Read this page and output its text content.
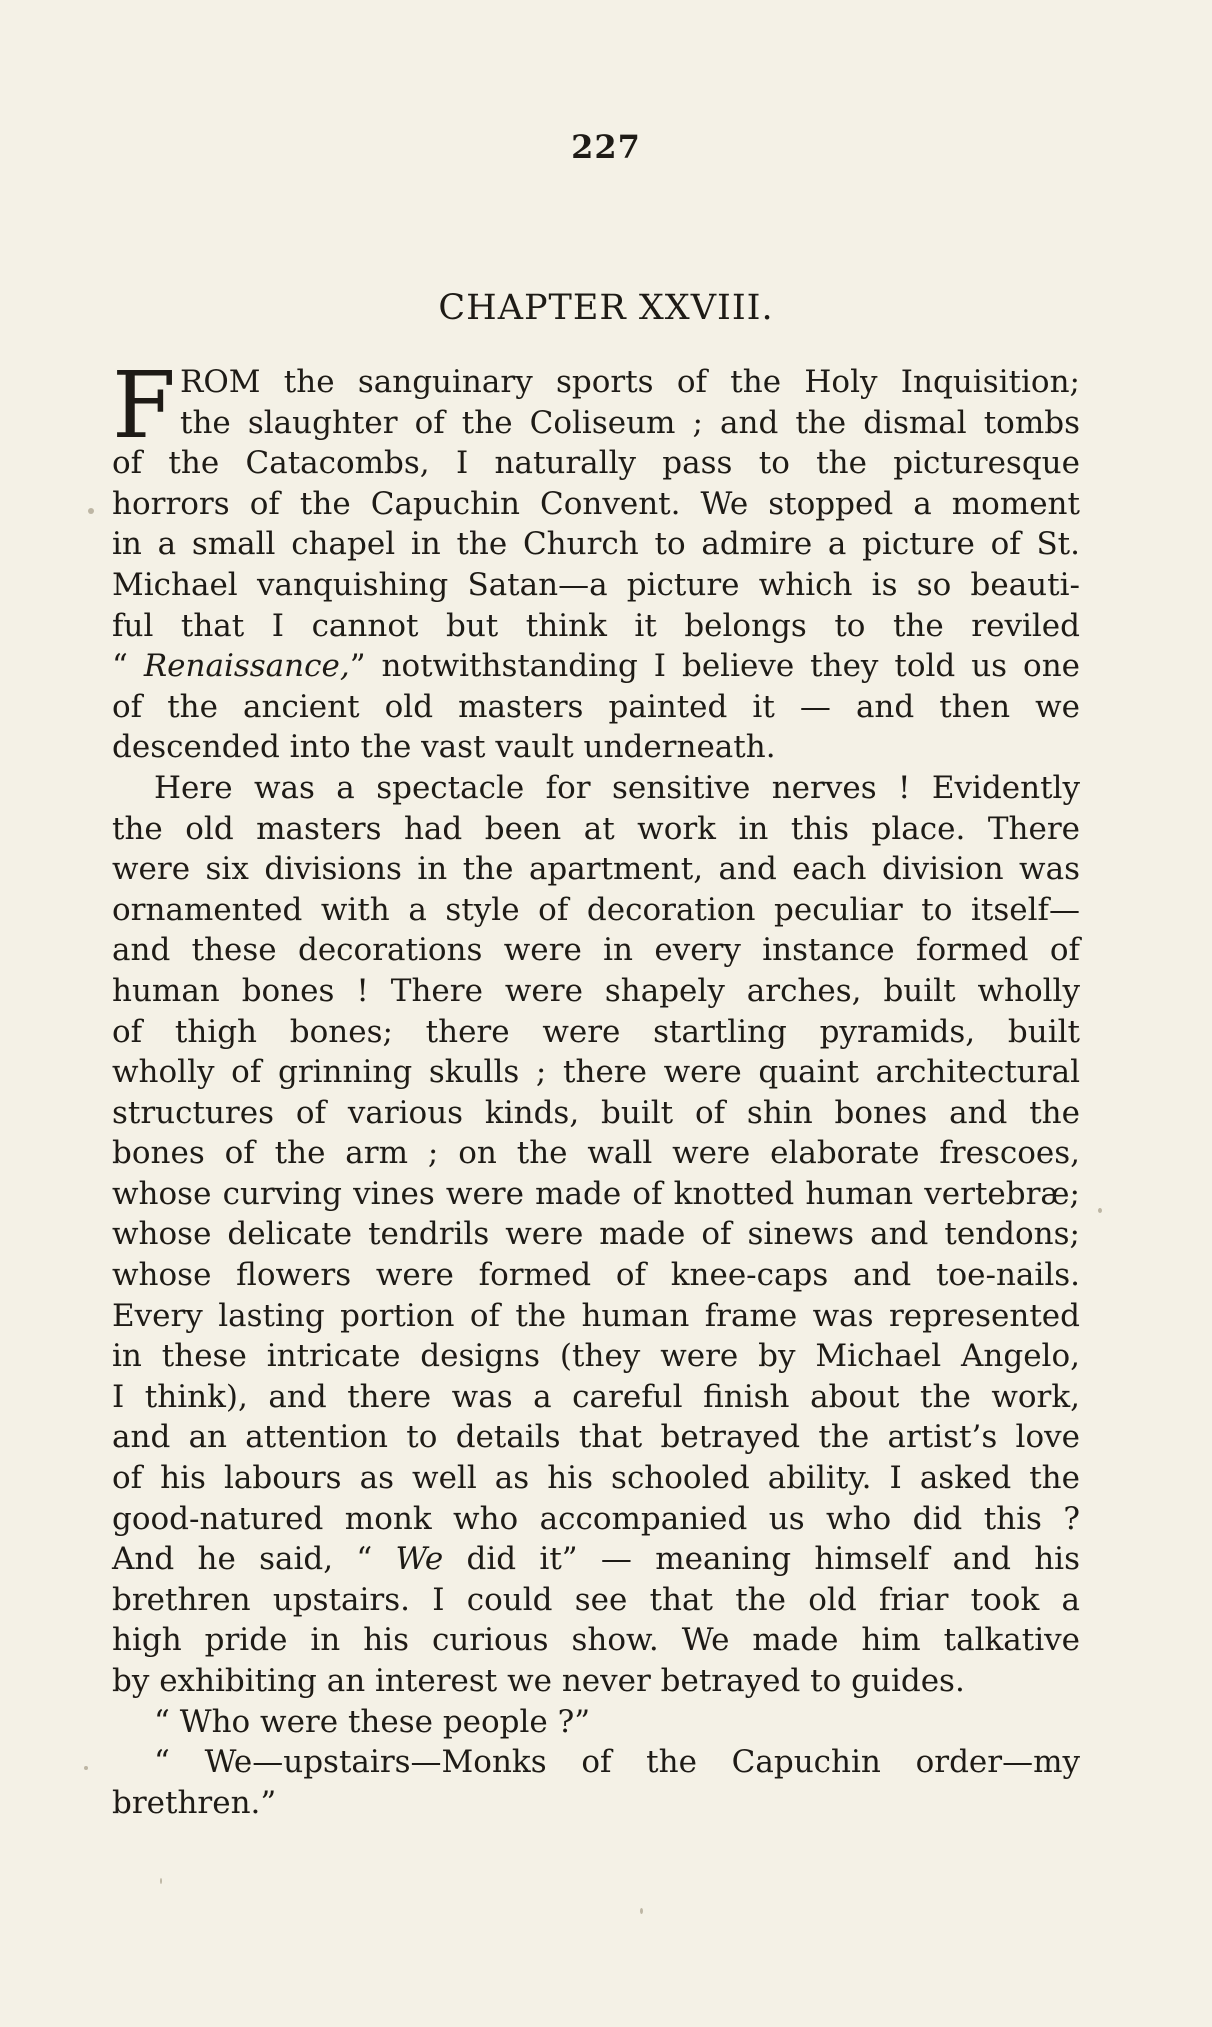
227
CHAPTER XXVIII.
F ROM the sanguinary sports of the Holy Inquisition;
the slaughter of the Coliseum ; and the dismal tombs
of the Catacombs, I naturally pass to the picturesque
horrors of the Capuchin Convent. We stopped a moment
in a small chapel in the Church to admire a picture of St.
Michael vanquishing Satan—a picture which is so beauti-
ful that I cannot but think it belongs to the reviled
“ Renaissance,” notwithstanding I believe they told us one
of the ancient old masters painted it — and then we
descended into the vast vault underneath.
Here was a spectacle for sensitive nerves ! Evidently
the old masters had been at work in this place. There
were six divisions in the apartment, and each division was
ornamented with a style of decoration peculiar to itself—
and these decorations were in every instance formed of
human bones ! There were shapely arches, built wholly
of thigh bones; there were startling pyramids, built
wholly of grinning skulls ; there were quaint architectural
structures of various kinds, built of shin bones and the
bones of the arm ; on the wall were elaborate frescoes,
whose curving vines were made of knotted human vertebræ;
whose delicate tendrils were made of sinews and tendons;
whose flowers were formed of knee-caps and toe-nails.
Every lasting portion of the human frame was represented
in these intricate designs (they were by Michael Angelo,
I think), and there was a careful finish about the work,
and an attention to details that betrayed the artist’s love
of his labours as well as his schooled ability. I asked the
good-natured monk who accompanied us who did this ?
And he said, “ We did it” — meaning himself and his
brethren upstairs. I could see that the old friar took a
high pride in his curious show. We made him talkative
by exhibiting an interest we never betrayed to guides.
“ Who were these people ?”
“ We—upstairs—Monks of the Capuchin order—my
brethren.”
